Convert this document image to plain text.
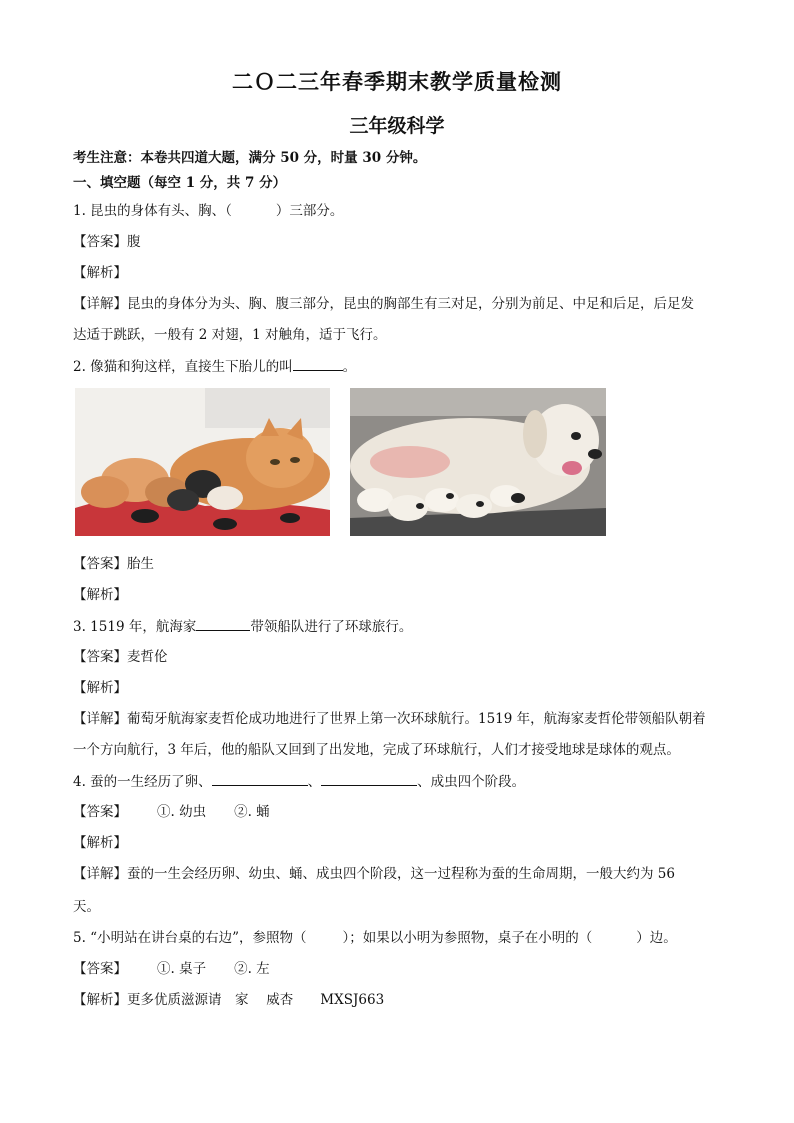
二Ｏ二三年春季期末教学质量检测
三年级科学
考生注意：本卷共四道大题，满分 50 分，时量 30 分钟。
一、填空题（每空 1 分，共 7 分）
1. 昆虫的身体有头、胸、（	）三部分。
【答案】腹
【解析】
【详解】昆虫的身体分为头、胸、腹三部分，昆虫的胸部生有三对足，分别为前足、中足和后足，后足发
达适于跳跃，一般有 2 对翅，1 对触角，适于飞行。
2. 像猫和狗这样，直接生下胎儿的叫	。
【答案】胎生
【解析】
3. 1519 年，航海家	带领船队进行了环球旅行。
【答案】麦哲伦
【解析】
【详解】葡萄牙航海家麦哲伦成功地进行了世界上第一次环球航行。1519 年，航海家麦哲伦带领船队朝着
一个方向航行，3 年后，他的船队又回到了出发地，完成了环球航行，人们才接受地球是球体的观点。
4. 蚕的一生经历了卵、	、	、成虫四个阶段。
【答案】 ①. 幼虫 ②. 蛹
【解析】
【详解】蚕的一生会经历卵、幼虫、蛹、成虫四个阶段，这一过程称为蚕的生命周期，一般大约为 56
天。
5. “小明站在讲台桌的右边”，参照物（	）；如果以小明为参照物，桌子在小明的（	）边。
【答案】 ①. 桌子 ②. 左
【解析】更多优质滋源请　家　 威杏　　MXSJ663
